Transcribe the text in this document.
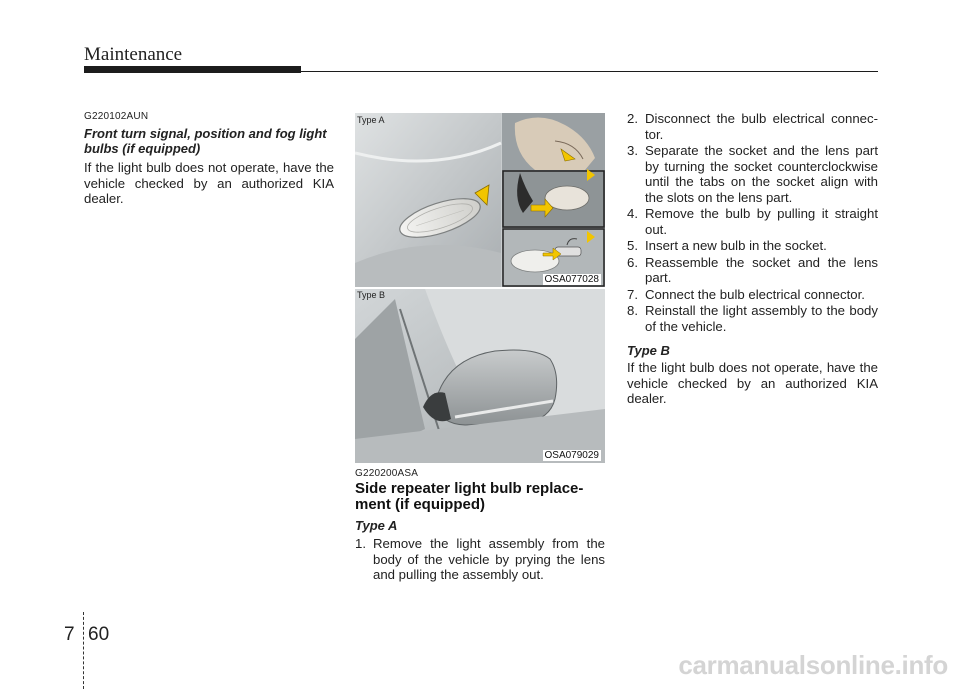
Maintenance
G220102AUN
Front turn signal, position and fog light bulbs (if equipped)
If the light bulb does not operate, have the vehicle checked by an authorized KIA dealer.
Type A
OSA077028
Type B
OSA079029
G220200ASA
Side repeater light bulb replace-ment (if equipped)
Type A
1. Remove the light assembly from the body of the vehicle by prying the lens and pulling the assembly out.
2. Disconnect the bulb electrical connec-tor.
3. Separate the socket and the lens part by turning the socket counterclockwise until the tabs on the socket align with the slots on the lens part.
4. Remove the bulb by pulling it straight out.
5. Insert a new bulb in the socket.
6. Reassemble the socket and the lens part.
7. Connect the bulb electrical connector.
8. Reinstall the light assembly to the body of the vehicle.
Type B
If the light bulb does not operate, have the vehicle checked by an authorized KIA dealer.
7 60
carmanualsonline.info
